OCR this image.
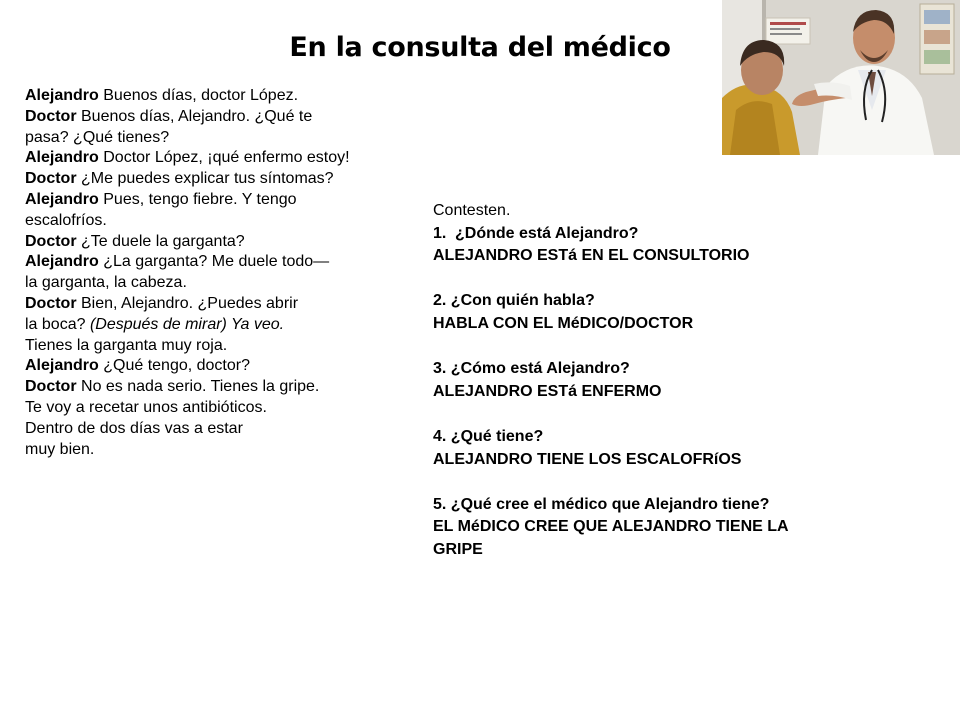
En la consulta del médico
Alejandro Buenos días, doctor López.
Doctor Buenos días, Alejandro. ¿Qué te
pasa? ¿Qué tienes?
Alejandro Doctor López, ¡qué enfermo estoy!
Doctor ¿Me puedes explicar tus síntomas?
Alejandro Pues, tengo fiebre. Y tengo
escalofríos.
Doctor ¿Te duele la garganta?
Alejandro ¿La garganta? Me duele todo—
la garganta, la cabeza.
Doctor Bien, Alejandro. ¿Puedes abrir
la boca? (Después de mirar) Ya veo.
Tienes la garganta muy roja.
Alejandro ¿Qué tengo, doctor?
Doctor No es nada serio. Tienes la gripe.
Te voy a recetar unos antibióticos.
Dentro de dos días vas a estar
muy bien.
Contesten.
1. ¿Dónde está Alejandro?
ALEJANDRO ESTá EN EL CONSULTORIO
2. ¿Con quién habla?
HABLA CON EL MéDICO/DOCTOR
3. ¿Cómo está Alejandro?
ALEJANDRO ESTá ENFERMO
4. ¿Qué tiene?
ALEJANDRO TIENE LOS ESCALOFRíOS
5. ¿Qué cree el médico que Alejandro tiene?
EL MéDICO CREE QUE ALEJANDRO TIENE LA
GRIPE
